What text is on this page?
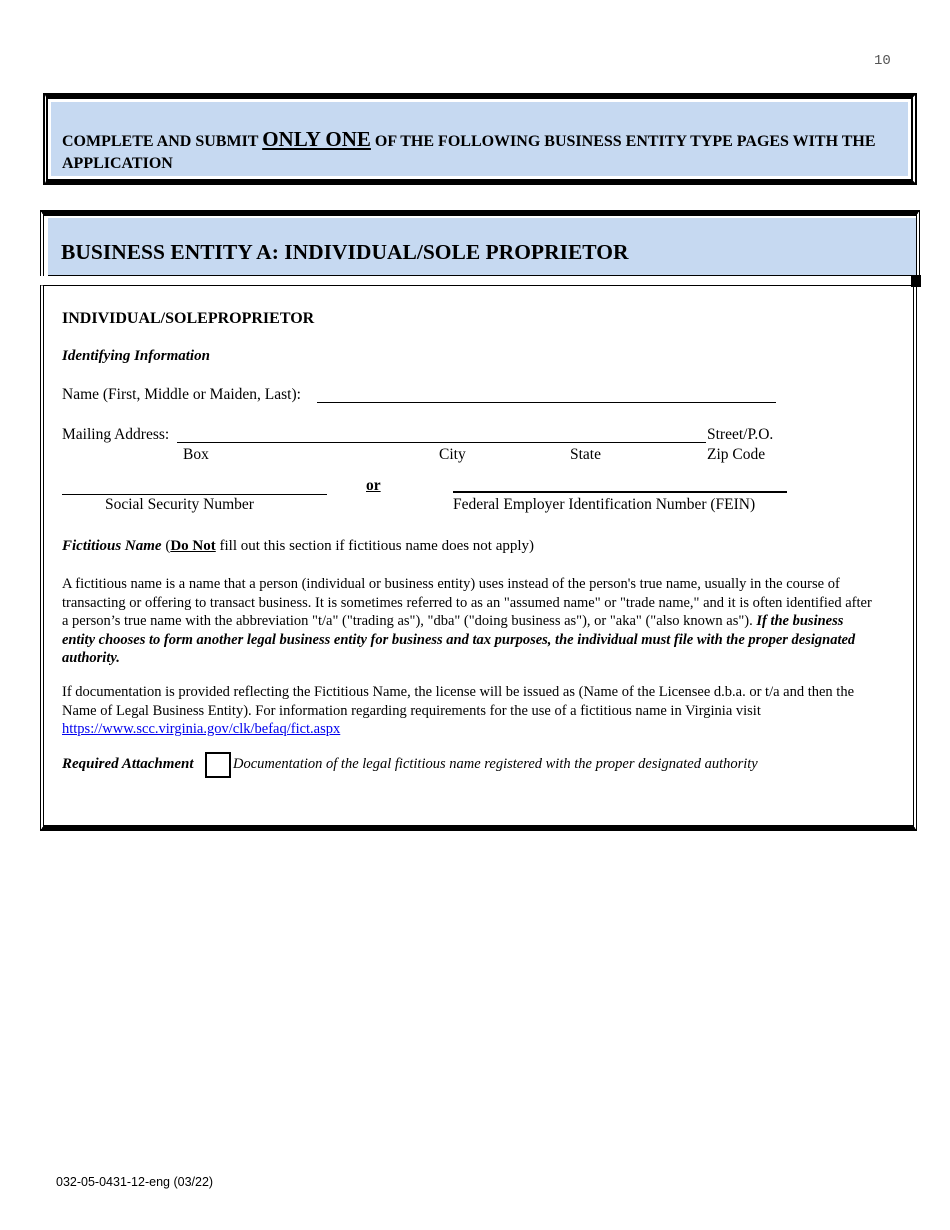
10
COMPLETE AND SUBMIT ONLY ONE OF THE FOLLOWING BUSINESS ENTITY TYPE PAGES WITH THE APPLICATION
BUSINESS ENTITY A: INDIVIDUAL/SOLE PROPRIETOR
INDIVIDUAL/SOLEPROPRIETOR
Identifying Information
Name (First, Middle or Maiden, Last):
Mailing Address:	Street/P.O.
Box	City	State	Zip Code
or
Social Security Number	Federal Employer Identification Number (FEIN)
Fictitious Name (Do Not fill out this section if fictitious name does not apply)
A fictitious name is a name that a person (individual or business entity) uses instead of the person's true name, usually in the course of transacting or offering to transact business. It is sometimes referred to as an "assumed name" or "trade name," and it is often identified after a person’s true name with the abbreviation "t/a" ("trading as"), "dba" ("doing business as"), or "aka" ("also known as"). If the business entity chooses to form another legal business entity for business and tax purposes, the individual must file with the proper designated authority.
If documentation is provided reflecting the Fictitious Name, the license will be issued as (Name of the Licensee d.b.a. or t/a and then the Name of Legal Business Entity). For information regarding requirements for the use of a fictitious name in Virginia visit https://www.scc.virginia.gov/clk/befaq/fict.aspx
Required Attachment	Documentation of the legal fictitious name registered with the proper designated authority
032-05-0431-12-eng (03/22)
